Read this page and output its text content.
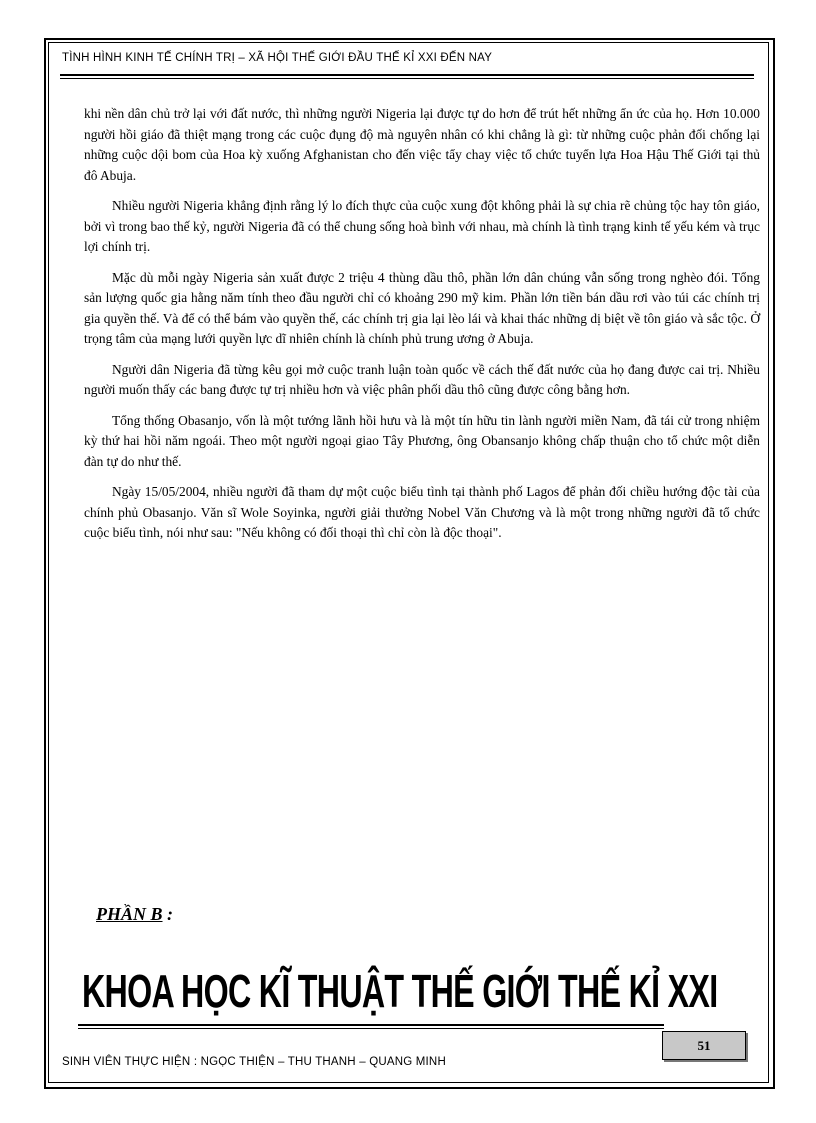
TÌNH HÌNH KINH TẾ CHÍNH TRỊ – XÃ HỘI THẾ GIỚI ĐẦU THẾ KỈ XXI ĐẾN NAY

khi nền dân chủ trở lại với đất nước, thì những người Nigeria lại được tự do hơn để trút hết những ẩn ức của họ. Hơn 10.000 người hồi giáo đã thiệt mạng trong các cuộc đụng độ mà nguyên nhân có khi chẳng là gì: từ những cuộc phản đối chống lại những cuộc dội bom của Hoa kỳ xuống Afghanistan cho đến việc tẩy chay việc tổ chức tuyển lựa Hoa Hậu Thế Giới tại thủ đô Abuja.

Nhiều người Nigeria khẳng định rằng lý lo đích thực của cuộc xung đột không phải là sự chia rẽ chủng tộc hay tôn giáo, bởi vì trong bao thế kỷ, người Nigeria đã có thể chung sống hoà bình với nhau, mà chính là tình trạng kinh tế yếu kém và trục lợi chính trị.

Mặc dù mỗi ngày Nigeria sản xuất được 2 triệu 4 thùng dầu thô, phần lớn dân chúng vẫn sống trong nghèo đói. Tổng sản lượng quốc gia hằng năm tính theo đầu người chỉ có khoảng 290 mỹ kim. Phần lớn tiền bán dầu rơi vào túi các chính trị gia quyền thế. Và để có thể bám vào quyền thế, các chính trị gia lại lèo lái và khai thác những dị biệt về tôn giáo và sắc tộc. Ở trọng tâm của mạng lưới quyền lực dĩ nhiên chính là chính phủ trung ương ở Abuja.

Người dân Nigeria đã từng kêu gọi mở cuộc tranh luận toàn quốc về cách thế đất nước của họ đang được cai trị. Nhiều người muốn thấy các bang được tự trị nhiều hơn và việc phân phối dầu thô cũng được công bằng hơn.

Tổng thống Obasanjo, vốn là một tướng lãnh hồi hưu và là một tín hữu tin lành người miền Nam, đã tái cử trong nhiệm kỳ thứ hai hồi năm ngoái. Theo một người ngoại giao Tây Phương, ông Obansanjo không chấp thuận cho tổ chức một diễn đàn tự do như thế.

Ngày 15/05/2004, nhiều người đã tham dự một cuộc biểu tình tại thành phố Lagos để phản đối chiều hướng độc tài của chính phủ Obasanjo. Văn sĩ Wole Soyinka, người giải thưởng Nobel Văn Chương và là một trong những người đã tổ chức cuộc biểu tình, nói như sau: "Nếu không có đối thoại thì chỉ còn là độc thoại".

PHẦN B :
KHOA HỌC KĨ THUẬT THẾ GIỚI THẾ KỈ XXI
51
SINH VIÊN THỰC HIỆN : NGỌC THIỆN – THU THANH – QUANG MINH
